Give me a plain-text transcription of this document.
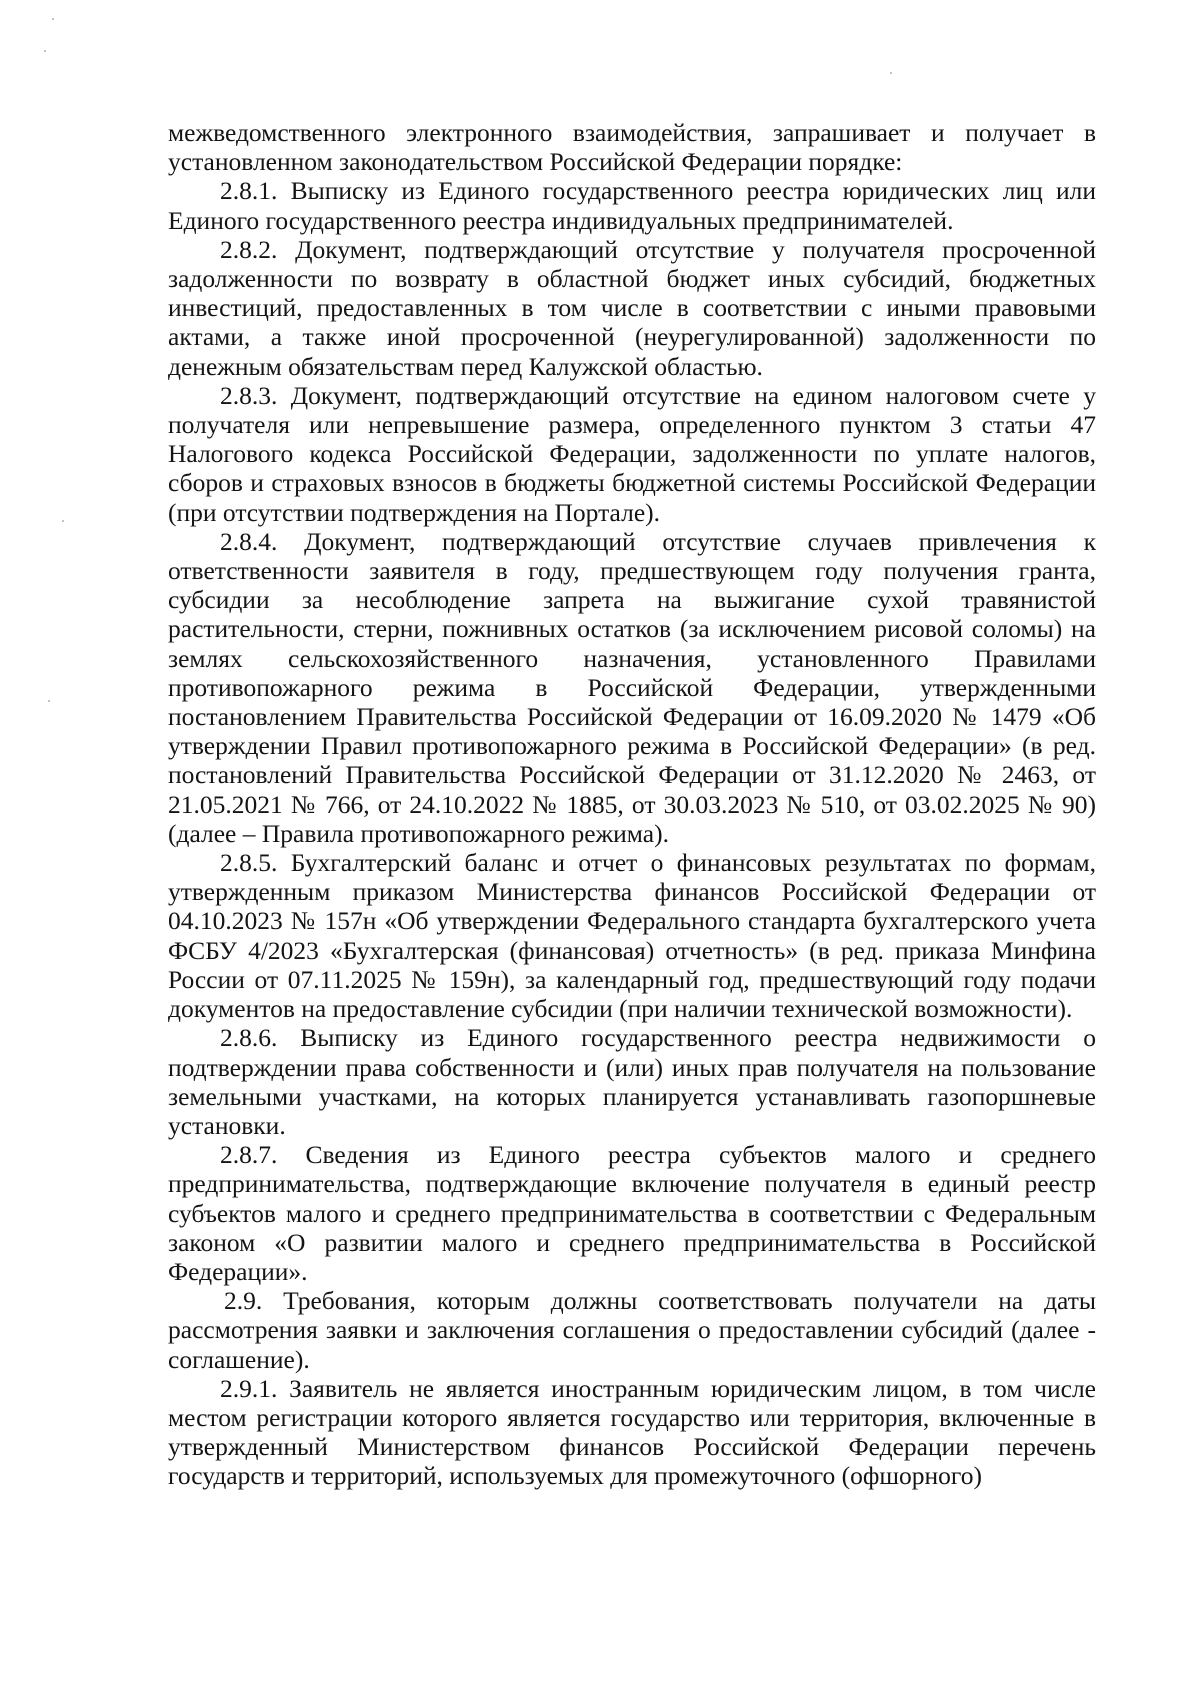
межведомственного электронного взаимодействия, запрашивает и получает в установленном законодательством Российской Федерации порядке:

2.8.1. Выписку из Единого государственного реестра юридических лиц или Единого государственного реестра индивидуальных предпринимателей.

2.8.2. Документ, подтверждающий отсутствие у получателя просроченной задолженности по возврату в областной бюджет иных субсидий, бюджетных инвестиций, предоставленных в том числе в соответствии с иными правовыми актами, а также иной просроченной (неурегулированной) задолженности по денежным обязательствам перед Калужской областью.

2.8.3. Документ, подтверждающий отсутствие на едином налоговом счете у получателя или непревышение размера, определенного пунктом 3 статьи 47 Налогового кодекса Российской Федерации, задолженности по уплате налогов, сборов и страховых взносов в бюджеты бюджетной системы Российской Федерации (при отсутствии подтверждения на Портале).

2.8.4. Документ, подтверждающий отсутствие случаев привлечения к ответственности заявителя в году, предшествующем году получения гранта, субсидии за несоблюдение запрета на выжигание сухой травянистой растительности, стерни, пожнивных остатков (за исключением рисовой соломы) на землях сельскохозяйственного назначения, установленного Правилами противопожарного режима в Российской Федерации, утвержденными постановлением Правительства Российской Федерации от 16.09.2020 № 1479 «Об утверждении Правил противопожарного режима в Российской Федерации» (в ред. постановлений Правительства Российской Федерации от 31.12.2020 № 2463, от 21.05.2021 № 766, от 24.10.2022 № 1885, от 30.03.2023 № 510, от 03.02.2025 № 90) (далее – Правила противопожарного режима).

2.8.5. Бухгалтерский баланс и отчет о финансовых результатах по формам, утвержденным приказом Министерства финансов Российской Федерации от 04.10.2023 № 157н «Об утверждении Федерального стандарта бухгалтерского учета ФСБУ 4/2023 «Бухгалтерская (финансовая) отчетность» (в ред. приказа Минфина России от 07.11.2025 № 159н), за календарный год, предшествующий году подачи документов на предоставление субсидии (при наличии технической возможности).

2.8.6. Выписку из Единого государственного реестра недвижимости о подтверждении права собственности и (или) иных прав получателя на пользование земельными участками, на которых планируется устанавливать газопоршневые установки.

2.8.7. Сведения из Единого реестра субъектов малого и среднего предпринимательства, подтверждающие включение получателя в единый реестр субъектов малого и среднего предпринимательства в соответствии с Федеральным законом «О развитии малого и среднего предпринимательства в Российской Федерации».

2.9. Требования, которым должны соответствовать получатели на даты рассмотрения заявки и заключения соглашения о предоставлении субсидий (далее - соглашение).

2.9.1. Заявитель не является иностранным юридическим лицом, в том числе местом регистрации которого является государство или территория, включенные в утвержденный Министерством финансов Российской Федерации перечень государств и территорий, используемых для промежуточного (офшорного)
